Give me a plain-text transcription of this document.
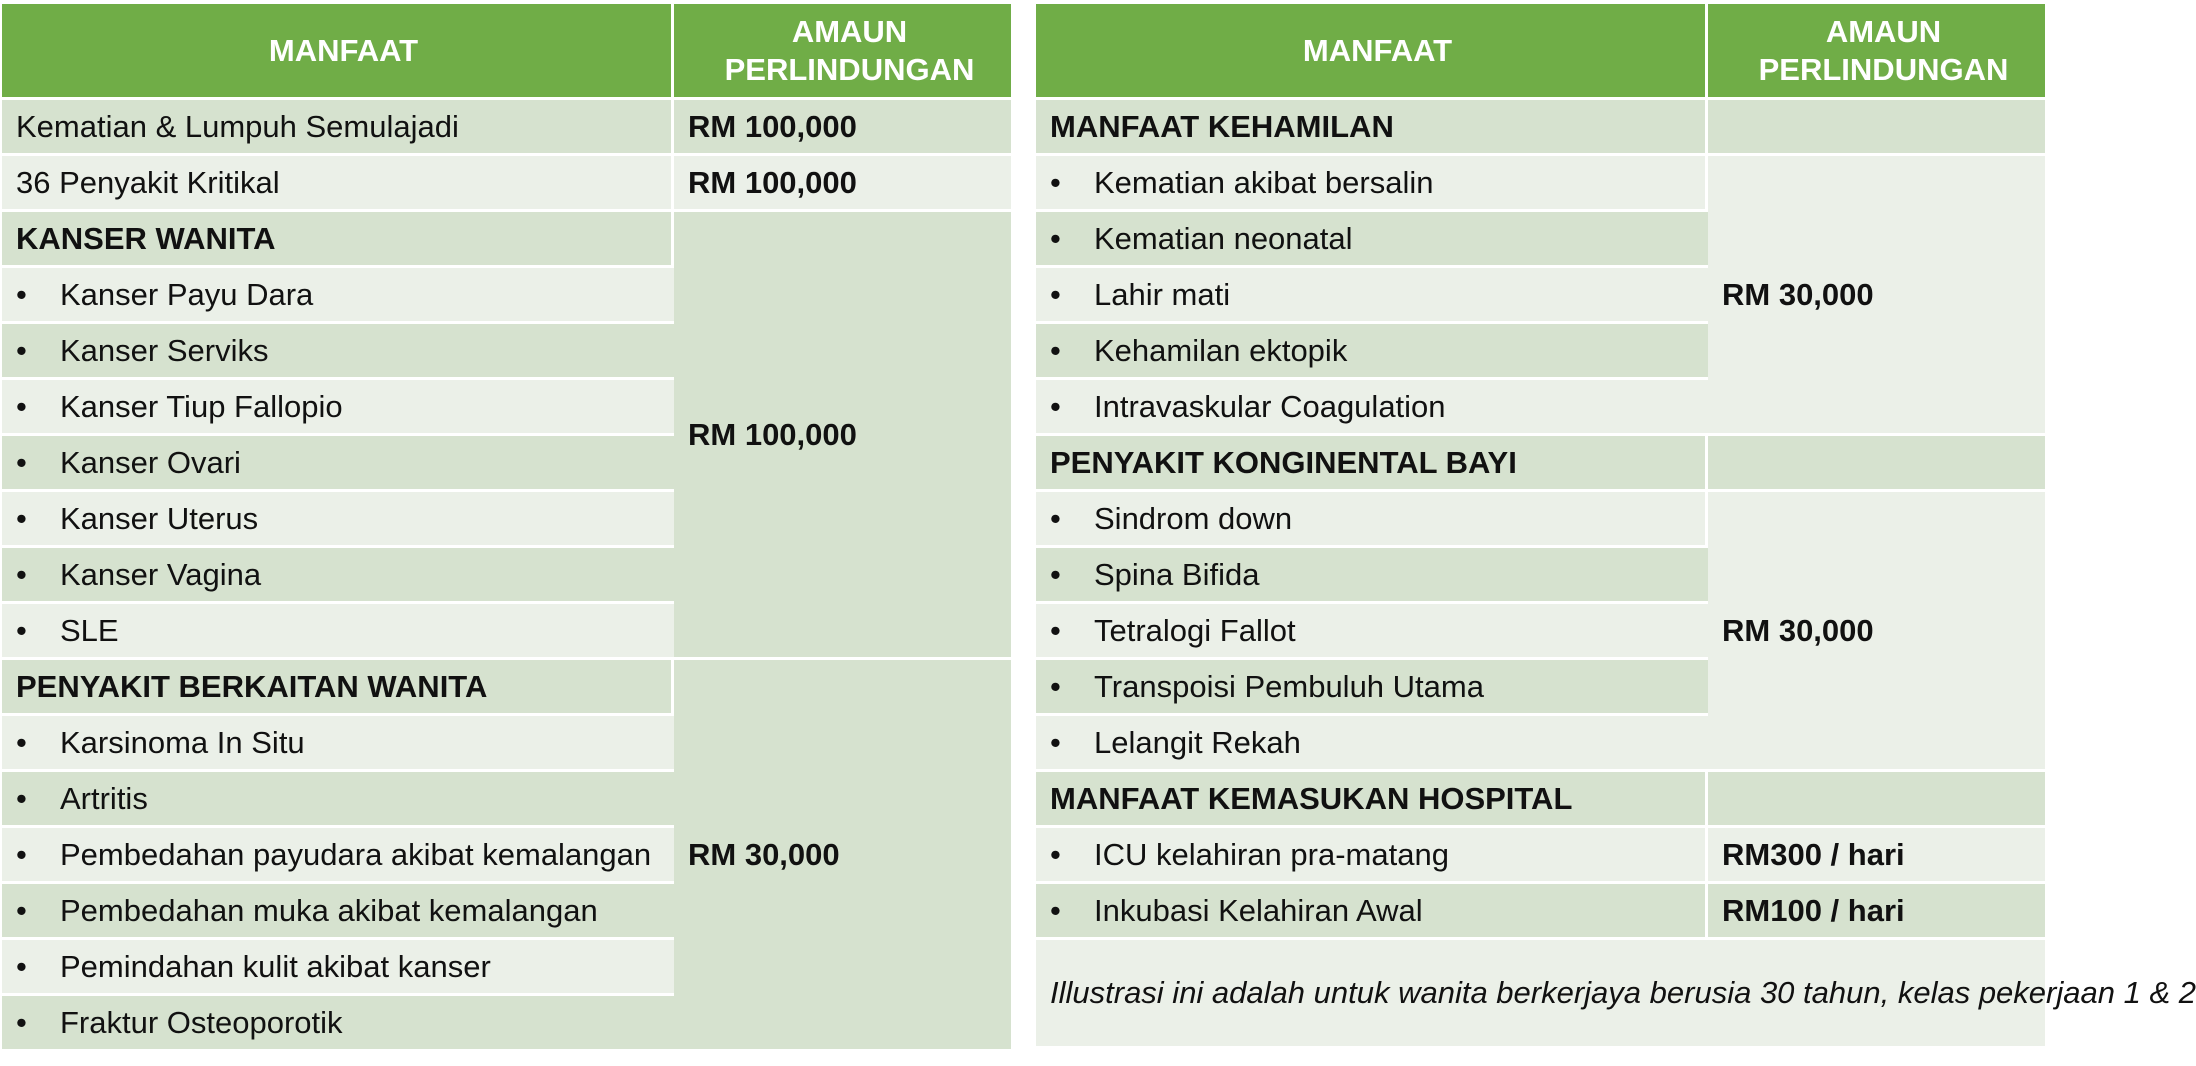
MANFAAT	AMAUN PERLINDUNGAN
Kematian & Lumpuh Semulajadi	RM 100,000
36 Penyakit Kritikal	RM 100,000
KANSER WANITA	RM 100,000
• Kanser Payu Dara	
• Kanser Serviks	
• Kanser Tiup Fallopio	
• Kanser Ovari	
• Kanser Uterus	
• Kanser Vagina	
• SLE	
PENYAKIT BERKAITAN WANITA	RM 30,000
• Karsinoma In Situ	
• Artritis	
• Pembedahan payudara akibat kemalangan	
• Pembedahan muka akibat kemalangan	
• Pemindahan kulit akibat kanser	
• Fraktur Osteoporotik	
MANFAAT	AMAUN PERLINDUNGAN
MANFAAT KEHAMILAN	
• Kematian akibat bersalin	RM 30,000
• Kematian neonatal	
• Lahir mati	
• Kehamilan ektopik	
• Intravaskular Coagulation	
PENYAKIT KONGINENTAL BAYI	
• Sindrom down	RM 30,000
• Spina Bifida	
• Tetralogi Fallot	
• Transpoisi Pembuluh Utama	
• Lelangit Rekah	
MANFAAT KEMASUKAN HOSPITAL	
• ICU kelahiran pra-matang	RM300 / hari
• Inkubasi Kelahiran Awal	RM100 / hari
Illustrasi ini adalah untuk wanita berkerjaya berusia 30 tahun, kelas pekerjaan 1 & 2	
